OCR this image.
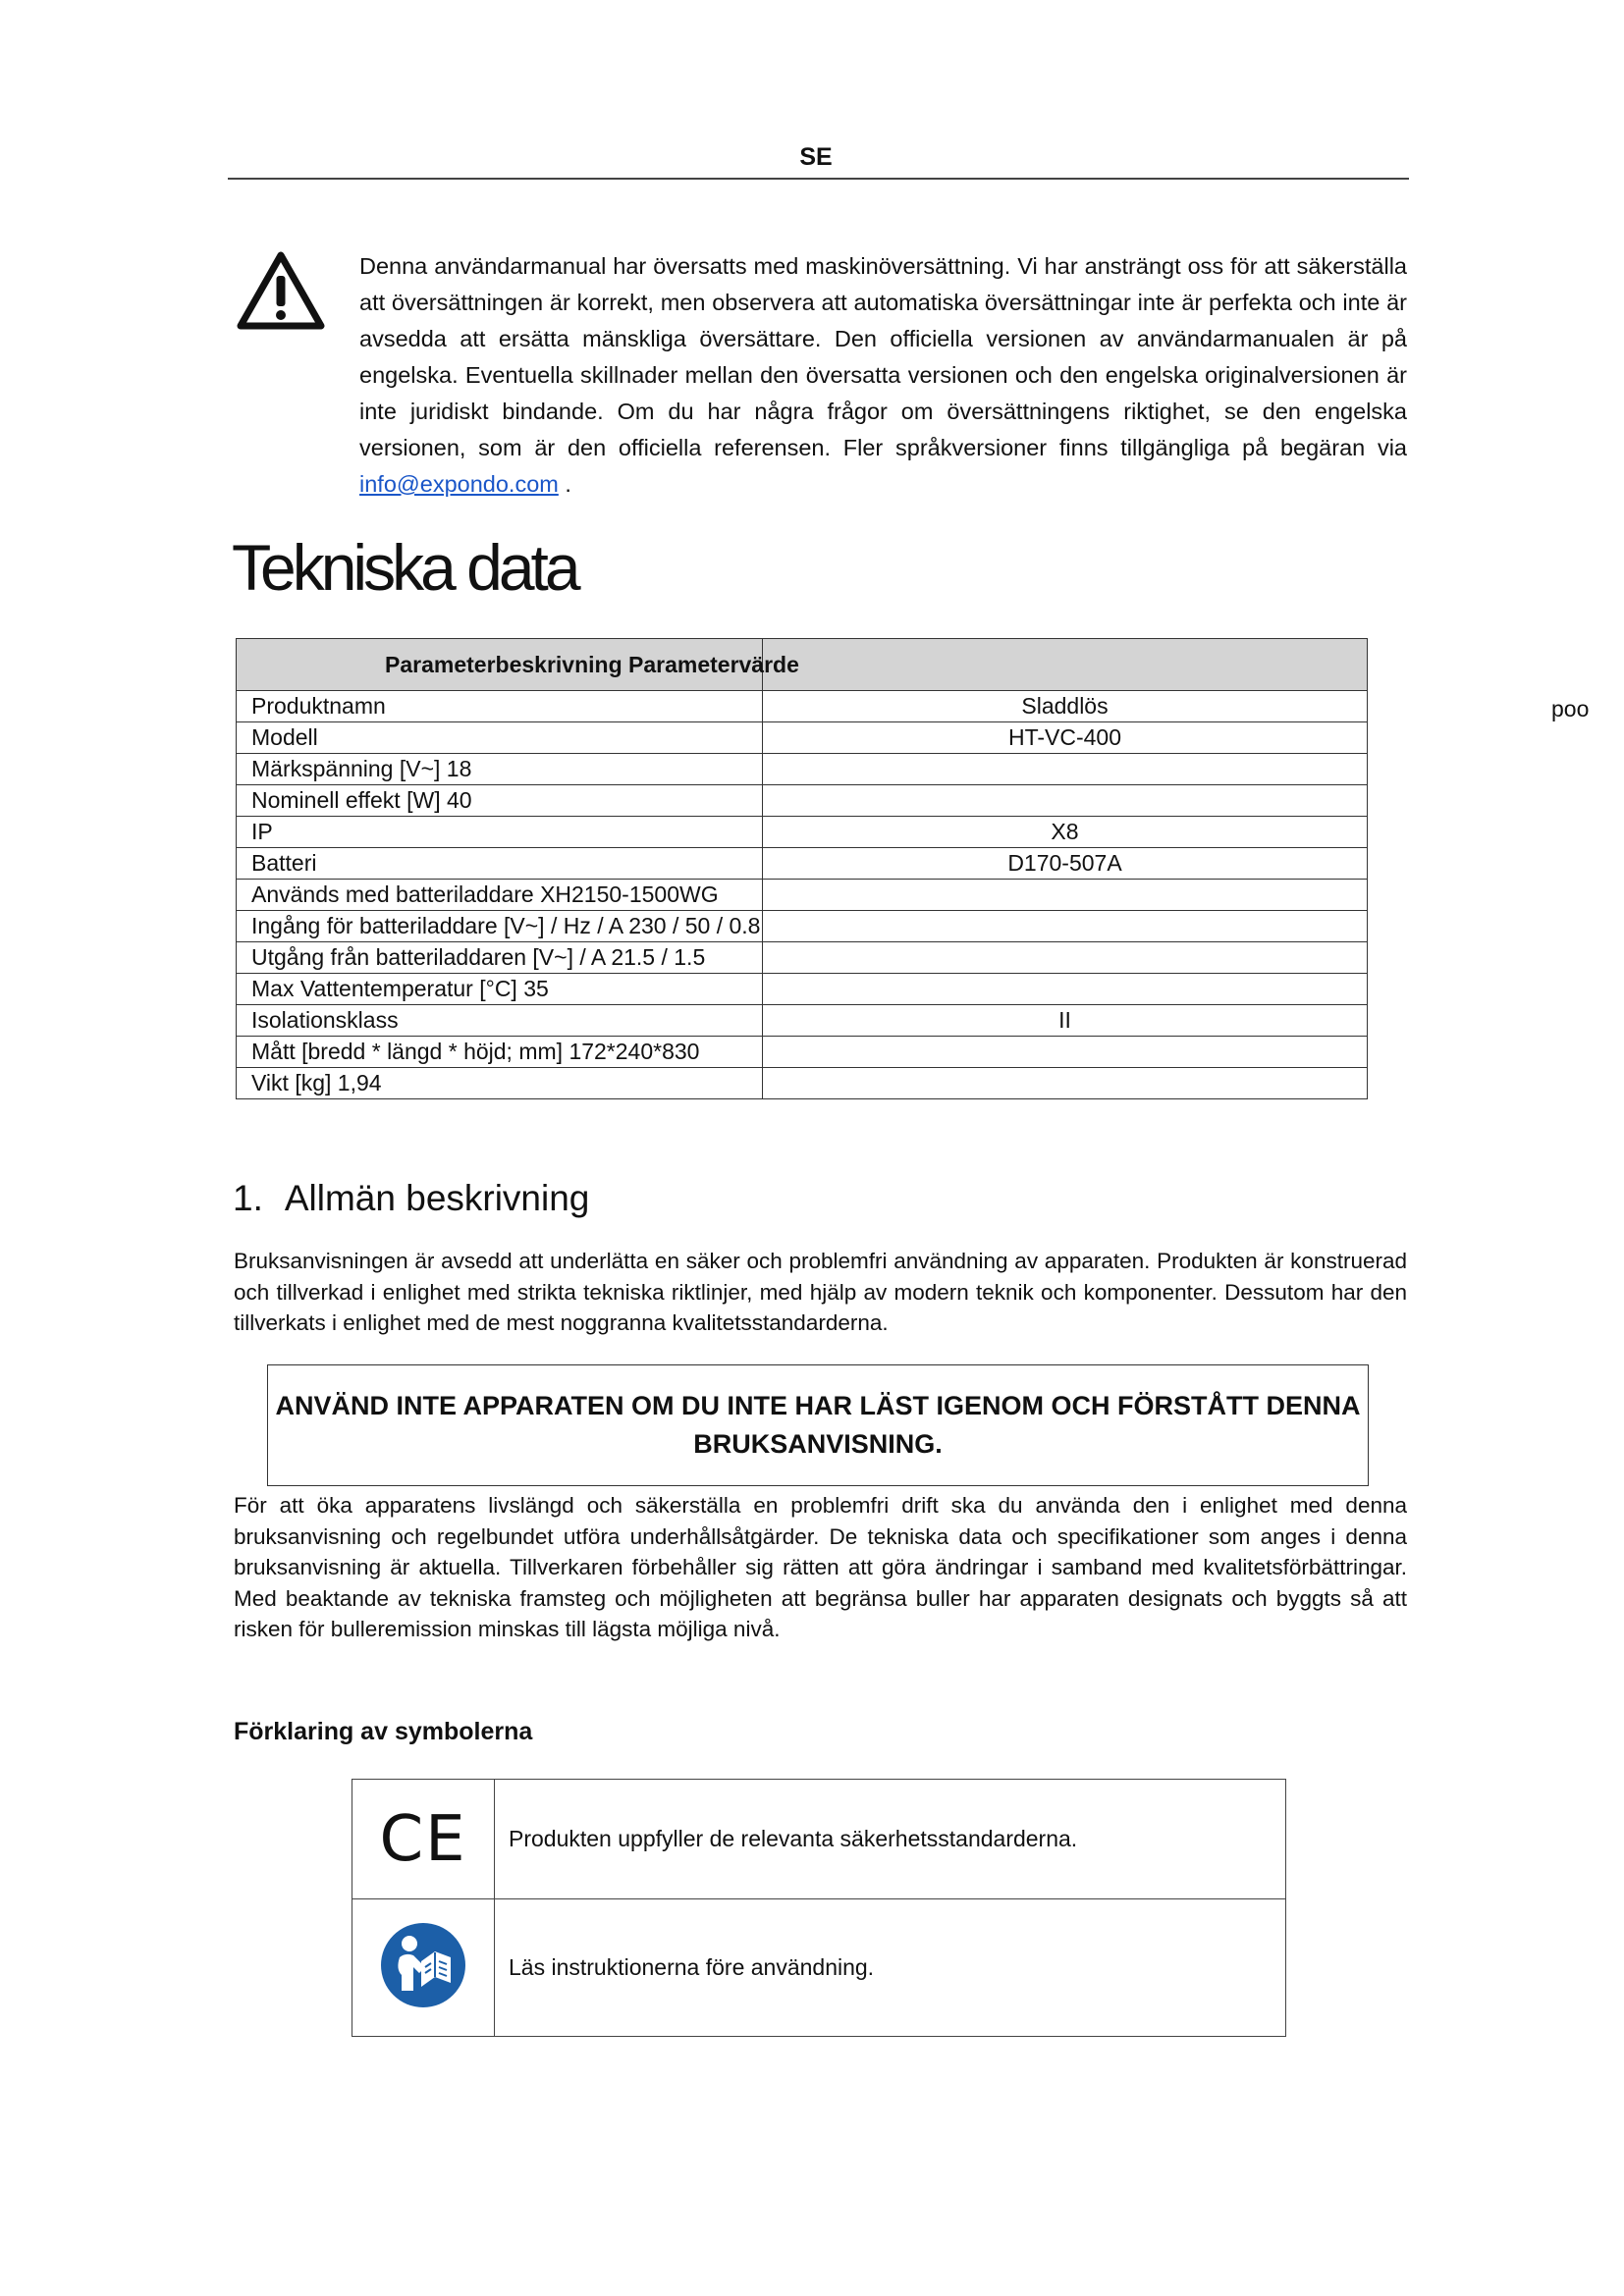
SE
Denna användarmanual har översatts med maskinöversättning. Vi har ansträngt oss för att säkerställa att översättningen är korrekt, men observera att automatiska översättningar inte är perfekta och inte är avsedda att ersätta mänskliga översättare. Den officiella versionen av användarmanualen är på engelska. Eventuella skillnader mellan den översatta versionen och den engelska originalversionen är inte juridiskt bindande. Om du har några frågor om översättningens riktighet, se den engelska versionen, som är den officiella referensen. Fler språkversioner finns tillgängliga på begäran via info@expondo.com .
Tekniska data

Produktnamn	Sladdlös
Modell	HT-VC-400
Märkspänning [V~] 18	
Nominell effekt [W] 40	
IP	X8
Batteri	D170-507A
Används med batteriladdare XH2150-1500WG	
Ingång för batteriladdare [V~] / Hz / A 230 / 50 / 0.8	
Utgång från batteriladdaren [V~] / A 21.5 / 1.5	
Max Vattentemperatur [°C] 35	
Isolationsklass	II
Mått [bredd * längd * höjd; mm] 172*240*830	
Vikt [kg] 1,94	
Parameterbeskrivning Parametervärde
poo
1. Allmän beskrivning
Bruksanvisningen är avsedd att underlätta en säker och problemfri användning av apparaten. Produkten är konstruerad och tillverkad i enlighet med strikta tekniska riktlinjer, med hjälp av modern teknik och komponenter. Dessutom har den tillverkats i enlighet med de mest noggranna kvalitetsstandarderna.
ANVÄND INTE APPARATEN OM DU INTE HAR LÄST IGENOM OCH FÖRSTÅTT DENNA BRUKSANVISNING.
För att öka apparatens livslängd och säkerställa en problemfri drift ska du använda den i enlighet med denna bruksanvisning och regelbundet utföra underhållsåtgärder. De tekniska data och specifikationer som anges i denna bruksanvisning är aktuella. Tillverkaren förbehåller sig rätten att göra ändringar i samband med kvalitetsförbättringar. Med beaktande av tekniska framsteg och möjligheten att begränsa buller har apparaten designats och byggts så att risken för bulleremission minskas till lägsta möjliga nivå.
Förklaring av symbolerna
CE	Produkten uppfyller de relevanta säkerhetsstandarderna.
	Läs instruktionerna före användning.
